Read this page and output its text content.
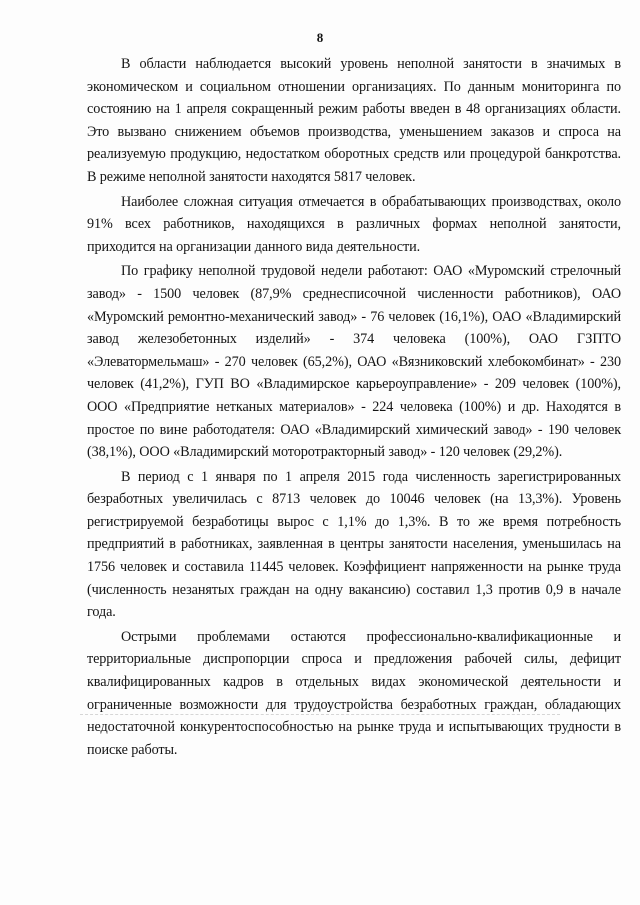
8

В области наблюдается высокий уровень неполной занятости в значимых в экономическом и социальном отношении организациях. По данным мониторинга по состоянию на 1 апреля сокращенный режим работы введен в 48 организациях области. Это вызвано снижением объемов производства, уменьшением заказов и спроса на реализуемую продукцию, недостатком оборотных средств или процедурой банкротства. В режиме неполной занятости находятся 5817 человек.

Наиболее сложная ситуация отмечается в обрабатывающих производствах, около 91% всех работников, находящихся в различных формах неполной занятости, приходится на организации данного вида деятельности.

По графику неполной трудовой недели работают: ОАО «Муромский стрелочный завод» - 1500 человек (87,9% среднесписочной численности работников), ОАО «Муромский ремонтно-механический завод» - 76 человек (16,1%), ОАО «Владимирский завод железобетонных изделий» - 374 человека (100%), ОАО ГЗПТО «Элеватормельмаш» - 270 человек (65,2%), ОАО «Вязниковский хлебокомбинат» - 230 человек (41,2%), ГУП ВО «Владимирское карьероуправление» - 209 человек (100%), ООО «Предприятие нетканых материалов» - 224 человека (100%) и др. Находятся в простое по вине работодателя: ОАО «Владимирский химический завод» - 190 человек (38,1%), ООО «Владимирский моторотракторный завод» - 120 человек (29,2%).

В период с 1 января по 1 апреля 2015 года численность зарегистрированных безработных увеличилась с 8713 человек до 10046 человек (на 13,3%). Уровень регистрируемой безработицы вырос с 1,1% до 1,3%. В то же время потребность предприятий в работниках, заявленная в центры занятости населения, уменьшилась на 1756 человек и составила 11445 человек. Коэффициент напряженности на рынке труда (численность незанятых граждан на одну вакансию) составил 1,3 против 0,9 в начале года.

Острыми проблемами остаются профессионально-квалификационные и территориальные диспропорции спроса и предложения рабочей силы, дефицит квалифицированных кадров в отдельных видах экономической деятельности и ограниченные возможности для трудоустройства безработных граждан, обладающих недостаточной конкурентоспособностью на рынке труда и испытывающих трудности в поиске работы.
